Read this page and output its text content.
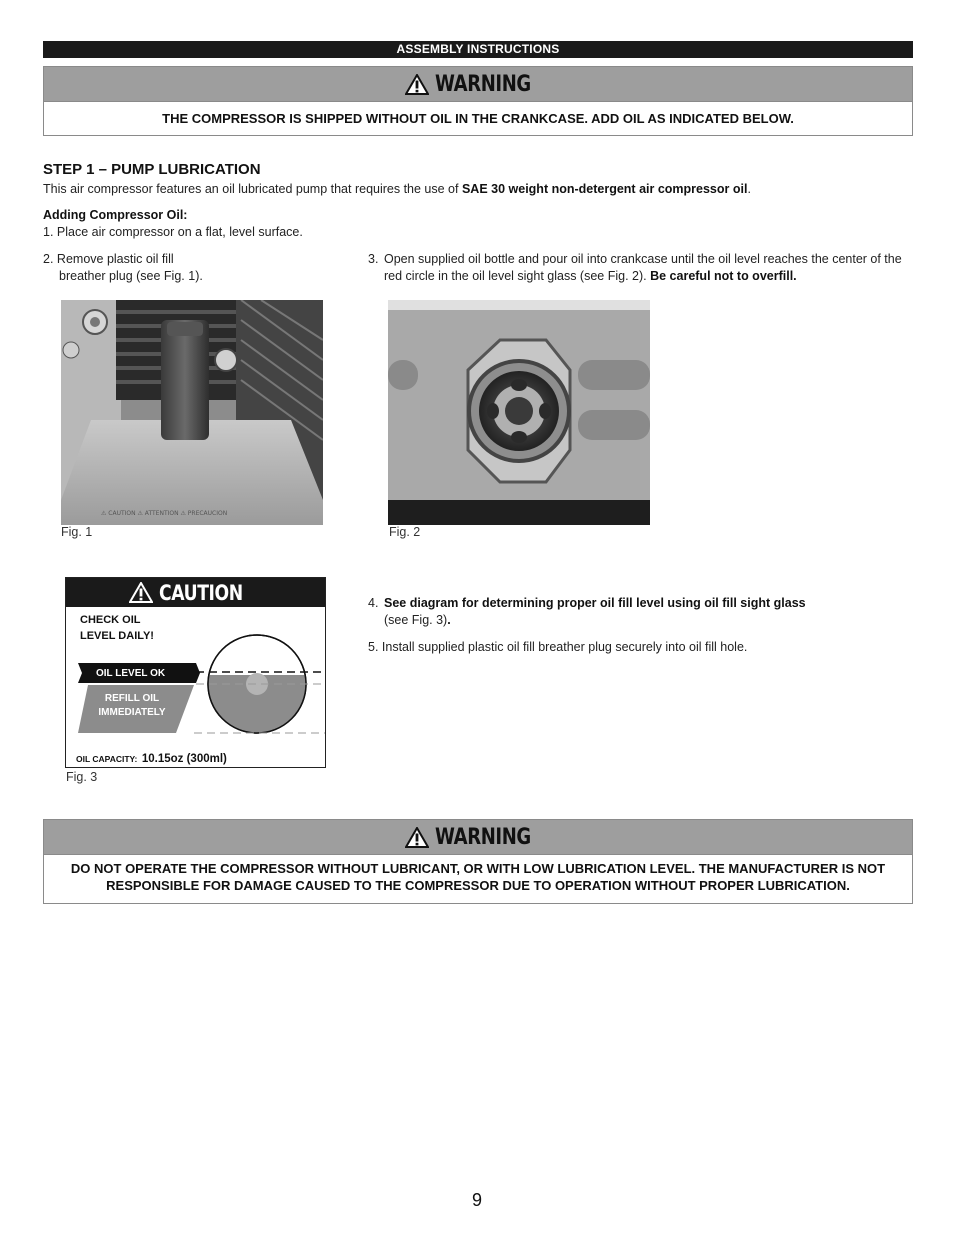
ASSEMBLY INSTRUCTIONS
WARNING
THE COMPRESSOR IS SHIPPED WITHOUT OIL IN THE CRANKCASE. ADD OIL AS INDICATED BELOW.
STEP 1 – PUMP LUBRICATION
This air compressor features an oil lubricated pump that requires the use of SAE 30 weight non-detergent air compressor oil.
Adding Compressor Oil:
1. Place air compressor on a flat, level surface.
2. Remove plastic oil fill
breather plug (see Fig. 1).
3. Open supplied oil bottle and pour oil into crankcase until the oil level reaches the center of the red circle in the oil level sight glass (see Fig. 2). Be careful not to overfill.
⚠ CAUTION ⚠ ATTENTION ⚠ PRECAUCION
Fig. 1	Fig. 2
CAUTION
CHECK OIL
LEVEL DAILY!
OIL LEVEL OK
REFILL OIL
IMMEDIATELY
OIL CAPACITY: 10.15oz (300ml)
Fig. 3
4. See diagram for determining proper oil fill level using oil fill sight glass
(see Fig. 3).
5. Install supplied plastic oil fill breather plug securely into oil fill hole.
WARNING
DO NOT OPERATE THE COMPRESSOR WITHOUT LUBRICANT, OR WITH LOW LUBRICATION LEVEL. THE MANUFACTURER IS NOT
RESPONSIBLE FOR DAMAGE CAUSED TO THE COMPRESSOR DUE TO OPERATION WITHOUT PROPER LUBRICATION.
9
